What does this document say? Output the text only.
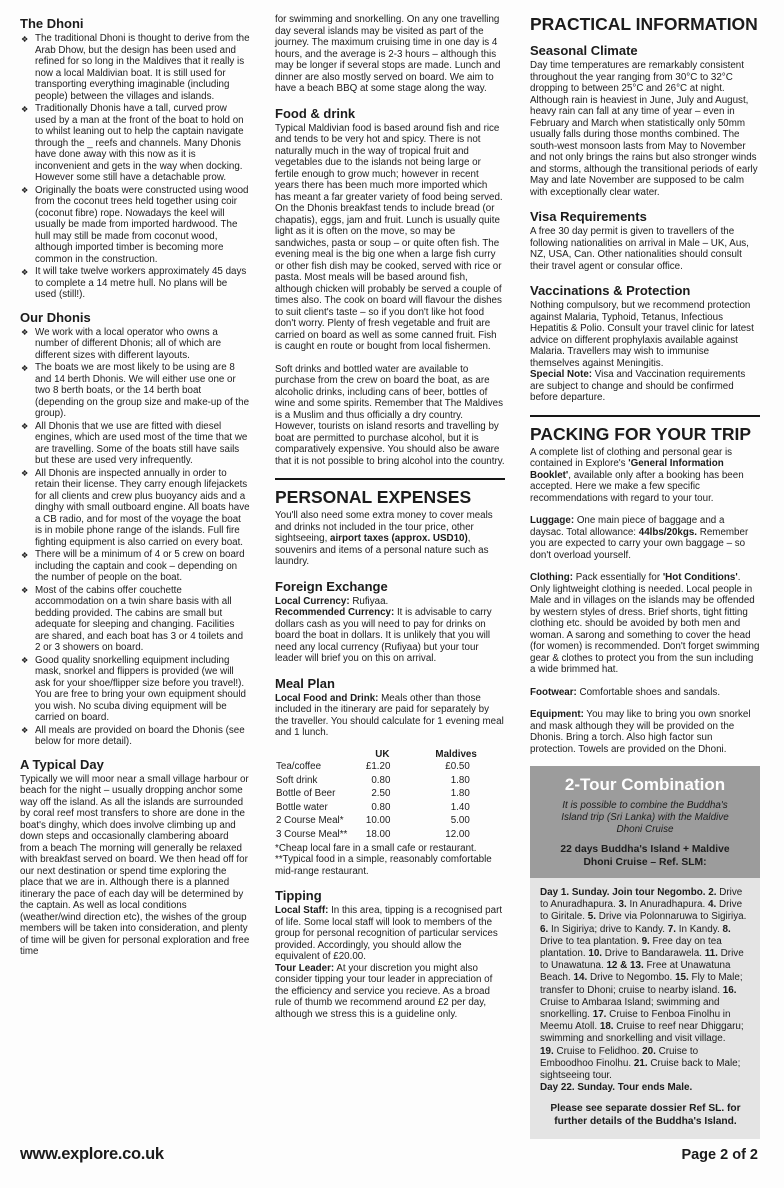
The Dhoni
❖ The traditional Dhoni is thought to derive from the Arab Dhow, but the design has been used and refined for so long in the Maldives that it really is now a local Maldivian boat. It is still used for transporting everything imaginable (including people) between the villages and islands.
❖ Traditionally Dhonis have a tall, curved prow used by a man at the front of the boat to hold on to whilst leaning out to help the captain navigate through the _ reefs and channels. Many Dhonis have done away with this now as it is inconvenient and gets in the way when docking. However some still have a detachable prow.
❖ Originally the boats were constructed using wood from the coconut trees held together using coir (coconut fibre) rope. Nowadays the keel will usually be made from imported hardwood. The hull may still be made from coconut wood, although imported timber is becoming more common in the construction.
❖ It will take twelve workers approximately 45 days to complete a 14 metre hull. No plans will be used (still!).
Our Dhonis
❖ We work with a local operator who owns a number of different Dhonis; all of which are different sizes with different layouts.
❖ The boats we are most likely to be using are 8 and 14 berth Dhonis. We will either use one or two 8 berth boats, or the 14 berth boat (depending on the group size and make-up of the group).
❖ All Dhonis that we use are fitted with diesel engines, which are used most of the time that we are travelling. Some of the boats still have sails but these are used very infrequently.
❖ All Dhonis are inspected annually in order to retain their license. They carry enough lifejackets for all clients and crew plus buoyancy aids and a dinghy with small outboard engine. All boats have a CB radio, and for most of the voyage the boat is in mobile phone range of the islands. Full fire fighting equipment is also carried on every boat.
❖ There will be a minimum of 4 or 5 crew on board including the captain and cook – depending on the number of people on the boat.
❖ Most of the cabins offer couchette accommodation on a twin share basis with all bedding provided. The cabins are small but adequate for sleeping and changing. Facilities are shared, and each boat has 3 or 4 toilets and 2 or 3 showers on board.
❖ Good quality snorkelling equipment including mask, snorkel and flippers is provided (we will ask for your shoe/flipper size before you travel!). You are free to bring your own equipment should you wish. No scuba diving equipment will be carried on board.
❖ All meals are provided on board the Dhonis (see below for more detail).
A Typical Day

Typically we will moor near a small village harbour or beach for the night – usually dropping anchor some way off the island. As all the islands are surrounded by coral reef most transfers to shore are done in the boat's dinghy, which does involve climbing up and down steps and occasionally clambering aboard from a beach The morning will generally be relaxed with breakfast served on board. We then head off for our next destination or spend time exploring the place that we are in. Although there is a planned itinerary the pace of each day will be determined by the captain. As well as local conditions (weather/wind direction etc), the wishes of the group members will be taken into consideration, and plenty of time will be given for personal exploration and free time

for swimming and snorkelling. On any one travelling day several islands may be visited as part of the journey. The maximum cruising time in one day is 4 hours, and the average is 2-3 hours – although this may be longer if several stops are made. Lunch and dinner are also mostly served on board. We aim to have a beach BBQ at some stage along the way.

Food & drink

Typical Maldivian food is based around fish and rice and tends to be very hot and spicy. There is not naturally much in the way of tropical fruit and vegetables due to the islands not being large or fertile enough to grow much; however in recent years there has been much more imported which has meant a far greater variety of food being served. On the Dhonis breakfast tends to include bread (or chapatis), eggs, jam and fruit. Lunch is usually quite light as it is often on the move, so may be sandwiches, pasta or soup – or quite often fish. The evening meal is the big one when a large fish curry or other fish dish may be cooked, served with rice or pasta. Most meals will be based around fish, although chicken will probably be served a couple of times also. The cook on board will flavour the dishes to suit client's taste – so if you don't like hot food don't worry. Plenty of fresh vegetable and fruit are carried on board as well as some canned fruit. Fish is caught en route or bought from local fishermen.

Soft drinks and bottled water are available to purchase from the crew on board the boat, as are alcoholic drinks, including cans of beer, bottles of wine and some spirits. Remember that The Maldives is a Muslim and thus officially a dry country. However, tourists on island resorts and travelling by boat are permitted to purchase alcohol, but it is comparatively expensive. You should also be aware that it is not possible to bring alcohol into the country.

PERSONAL EXPENSES

You'll also need some extra money to cover meals and drinks not included in the tour price, other sightseeing, airport taxes (approx. USD10), souvenirs and items of a personal nature such as laundry.

Foreign Exchange

Local Currency: Rufiyaa.

Recommended Currency: It is advisable to carry dollars cash as you will need to pay for drinks on board the boat in dollars. It is unlikely that you will need any local currency (Rufiyaa) but your tour leader will brief you on this on arrival.

Meal Plan

Local Food and Drink: Meals other than those included in the itinerary are paid for separately by the traveller. You should calculate for 1 evening meal and 1 lunch.

	UK	Maldives
Tea/coffee	£1.20	£0.50
Soft drink	0.80	1.80
Bottle of Beer	2.50	1.80
Bottle water	0.80	1.40
2 Course Meal*	10.00	5.00
3 Course Meal**	18.00	12.00

*Cheap local fare in a small cafe or restaurant.

**Typical food in a simple, reasonably comfortable mid-range restaurant.

Tipping

Local Staff: In this area, tipping is a recognised part of life. Some local staff will look to members of the group for personal recognition of particular services provided. Accordingly, you should allow the equivalent of £20.00.

Tour Leader: At your discretion you might also consider tipping your tour leader in appreciation of the efficiency and service you recieve. As a broad rule of thumb we recommend around £2 per day, although we stress this is a guideline only.

PRACTICAL INFORMATION
Seasonal Climate

Day time temperatures are remarkably consistent throughout the year ranging from 30°C to 32°C dropping to between 25°C and 26°C at night. Although rain is heaviest in June, July and August, heavy rain can fall at any time of year – even in February and March when statistically only 50mm usually falls during those months combined. The south-west monsoon lasts from May to November and not only brings the rains but also stronger winds and storms, although the transitional periods of early May and late November are supposed to be calm with exceptionally clear water.

Visa Requirements

A free 30 day permit is given to travellers of the following nationalities on arrival in Male – UK, Aus, NZ, USA, Can. Other nationalities should consult their travel agent or consular office.

Vaccinations & Protection

Nothing compulsory, but we recommend protection against Malaria, Typhoid, Tetanus, Infectious Hepatitis & Polio. Consult your travel clinic for latest advice on different prophylaxis available against Malaria. Travellers may wish to immunise themselves against Meningitis.

Special Note: Visa and Vaccination requirements are subject to change and should be confirmed before departure.

PACKING FOR YOUR TRIP

A complete list of clothing and personal gear is contained in Explore's 'General Information Booklet', available only after a booking has been accepted. Here we make a few specific recommendations with regard to your tour.

Luggage: One main piece of baggage and a daysac. Total allowance: 44lbs/20kgs. Remember you are expected to carry your own baggage – so don't overload yourself.

Clothing: Pack essentially for 'Hot Conditions'. Only lightweight clothing is needed. Local people in Male and in villages on the islands may be offended by western styles of dress. Brief shorts, tight fitting clothing etc. should be avoided by both men and woman. A sarong and something to cover the head (for women) is recommended. Don't forget swimming gear & clothes to protect you from the sun including a wide brimmed hat.

Footwear: Comfortable shoes and sandals.

Equipment: You may like to bring you own snorkel and mask although they will be provided on the Dhonis. Bring a torch. Also high factor sun protection. Towels are provided on the Dhoni.

2-Tour Combination

It is possible to combine the Buddha's Island trip (Sri Lanka) with the Maldive Dhoni Cruise

22 days Buddha's Island + Maldive Dhoni Cruise – Ref. SLM:

Day 1. Sunday. Join tour Negombo. 2. Drive to Anuradhapura. 3. In Anuradhapura. 4. Drive to Giritale. 5. Drive via Polonnaruwa to Sigiriya. 6. In Sigiriya; drive to Kandy. 7. In Kandy. 8. Drive to tea plantation. 9. Free day on tea plantation. 10. Drive to Bandarawela. 11. Drive to Unawatuna. 12 & 13. Free at Unawatuna Beach. 14. Drive to Negombo. 15. Fly to Male; transfer to Dhoni; cruise to nearby island. 16. Cruise to Ambaraa Island; swimming and snorkelling. 17. Cruise to Fenboa Finolhu in Meemu Atoll. 18. Cruise to reef near Dhiggaru; swimming and snorkelling and visit village.
19. Cruise to Felidhoo. 20. Cruise to Emboodhoo Finolhu. 21. Cruise back to Male; sightseeing tour.
Day 22. Sunday. Tour ends Male.

Please see separate dossier Ref SL. for further details of the Buddha's Island.

www.explore.co.uk	Page 2 of 2
